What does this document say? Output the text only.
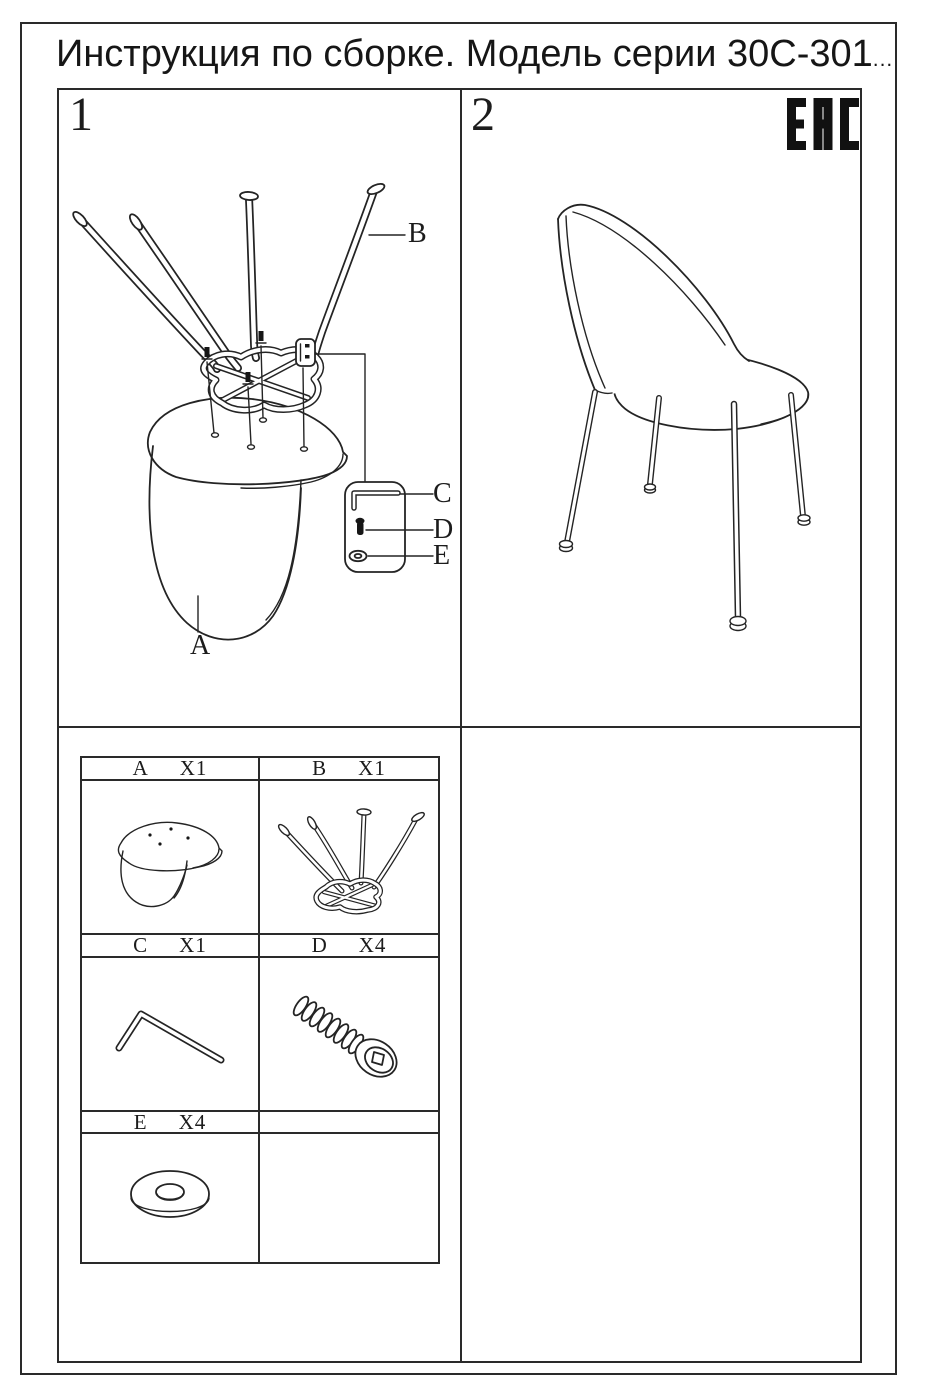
Инструкция по сборке. Модель серии 30С-301...
1
B
A
C
D
E
2
A X1	B X1
C X1	D X4
E X4
